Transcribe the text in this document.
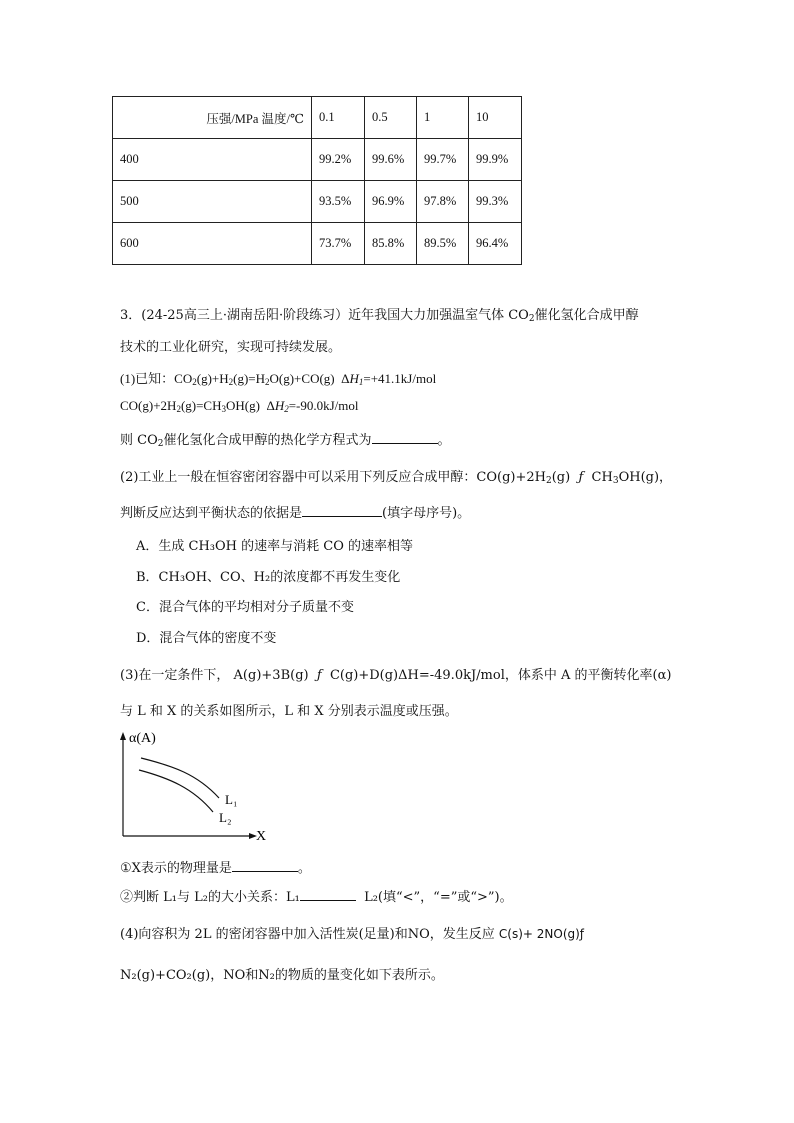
压强/MPa 温度/℃	0.1	0.5	1	10
400	99.2%	99.6%	99.7%	99.9%
500	93.5%	96.9%	97.8%	99.3%
600	73.7%	85.8%	89.5%	96.4%
3．(24-25高三上·湖南岳阳·阶段练习）近年我国大力加强温室气体 $CO_2$催化氢化合成甲醇
技术的工业化研究，实现可持续发展。
(1)已知：$CO_2(g)+H_2(g)=H_2O(g)+CO(g)$ $\Delta H_1=+41.1kJ$/mol
$CO(g)+2H_2(g)=CH_3OH(g)$ $\Delta H_2=-90.0kJ$/mol
则 $CO_2$催化氢化合成甲醇的热化学方程式为	。
(2)工业上一般在恒容密闭容器中可以采用下列反应合成甲醇：$CO(g)+2H_2(g)$ ƒ $CH_3OH(g)$，
判断反应达到平衡状态的依据是	(填字母序号)。
A．生成 CH₃OH 的速率与消耗 CO 的速率相等
B．CH₃OH、CO、H₂的浓度都不再发生变化
C．混合气体的平均相对分子质量不变
D．混合气体的密度不变
(3)在一定条件下， A(g)+3B(g) ƒ C(g)+D(g)ΔH=-49.0kJ/mol，体系中 A 的平衡转化率(α)
与 L 和 X 的关系如图所示，L 和 X 分别表示温度或压强。
α(A)
X
L₁
L₂
①X表示的物理量是	。
②判断 L₁与 L₂的大小关系：L₁	L₂(填“<”，“=”或“>”)。
(4)向容积为 2L 的密闭容器中加入活性炭(足量)和NO，发生反应 C(s)+ 2NO(g)ƒ
N₂(g)+CO₂(g)，NO和N₂的物质的量变化如下表所示。
